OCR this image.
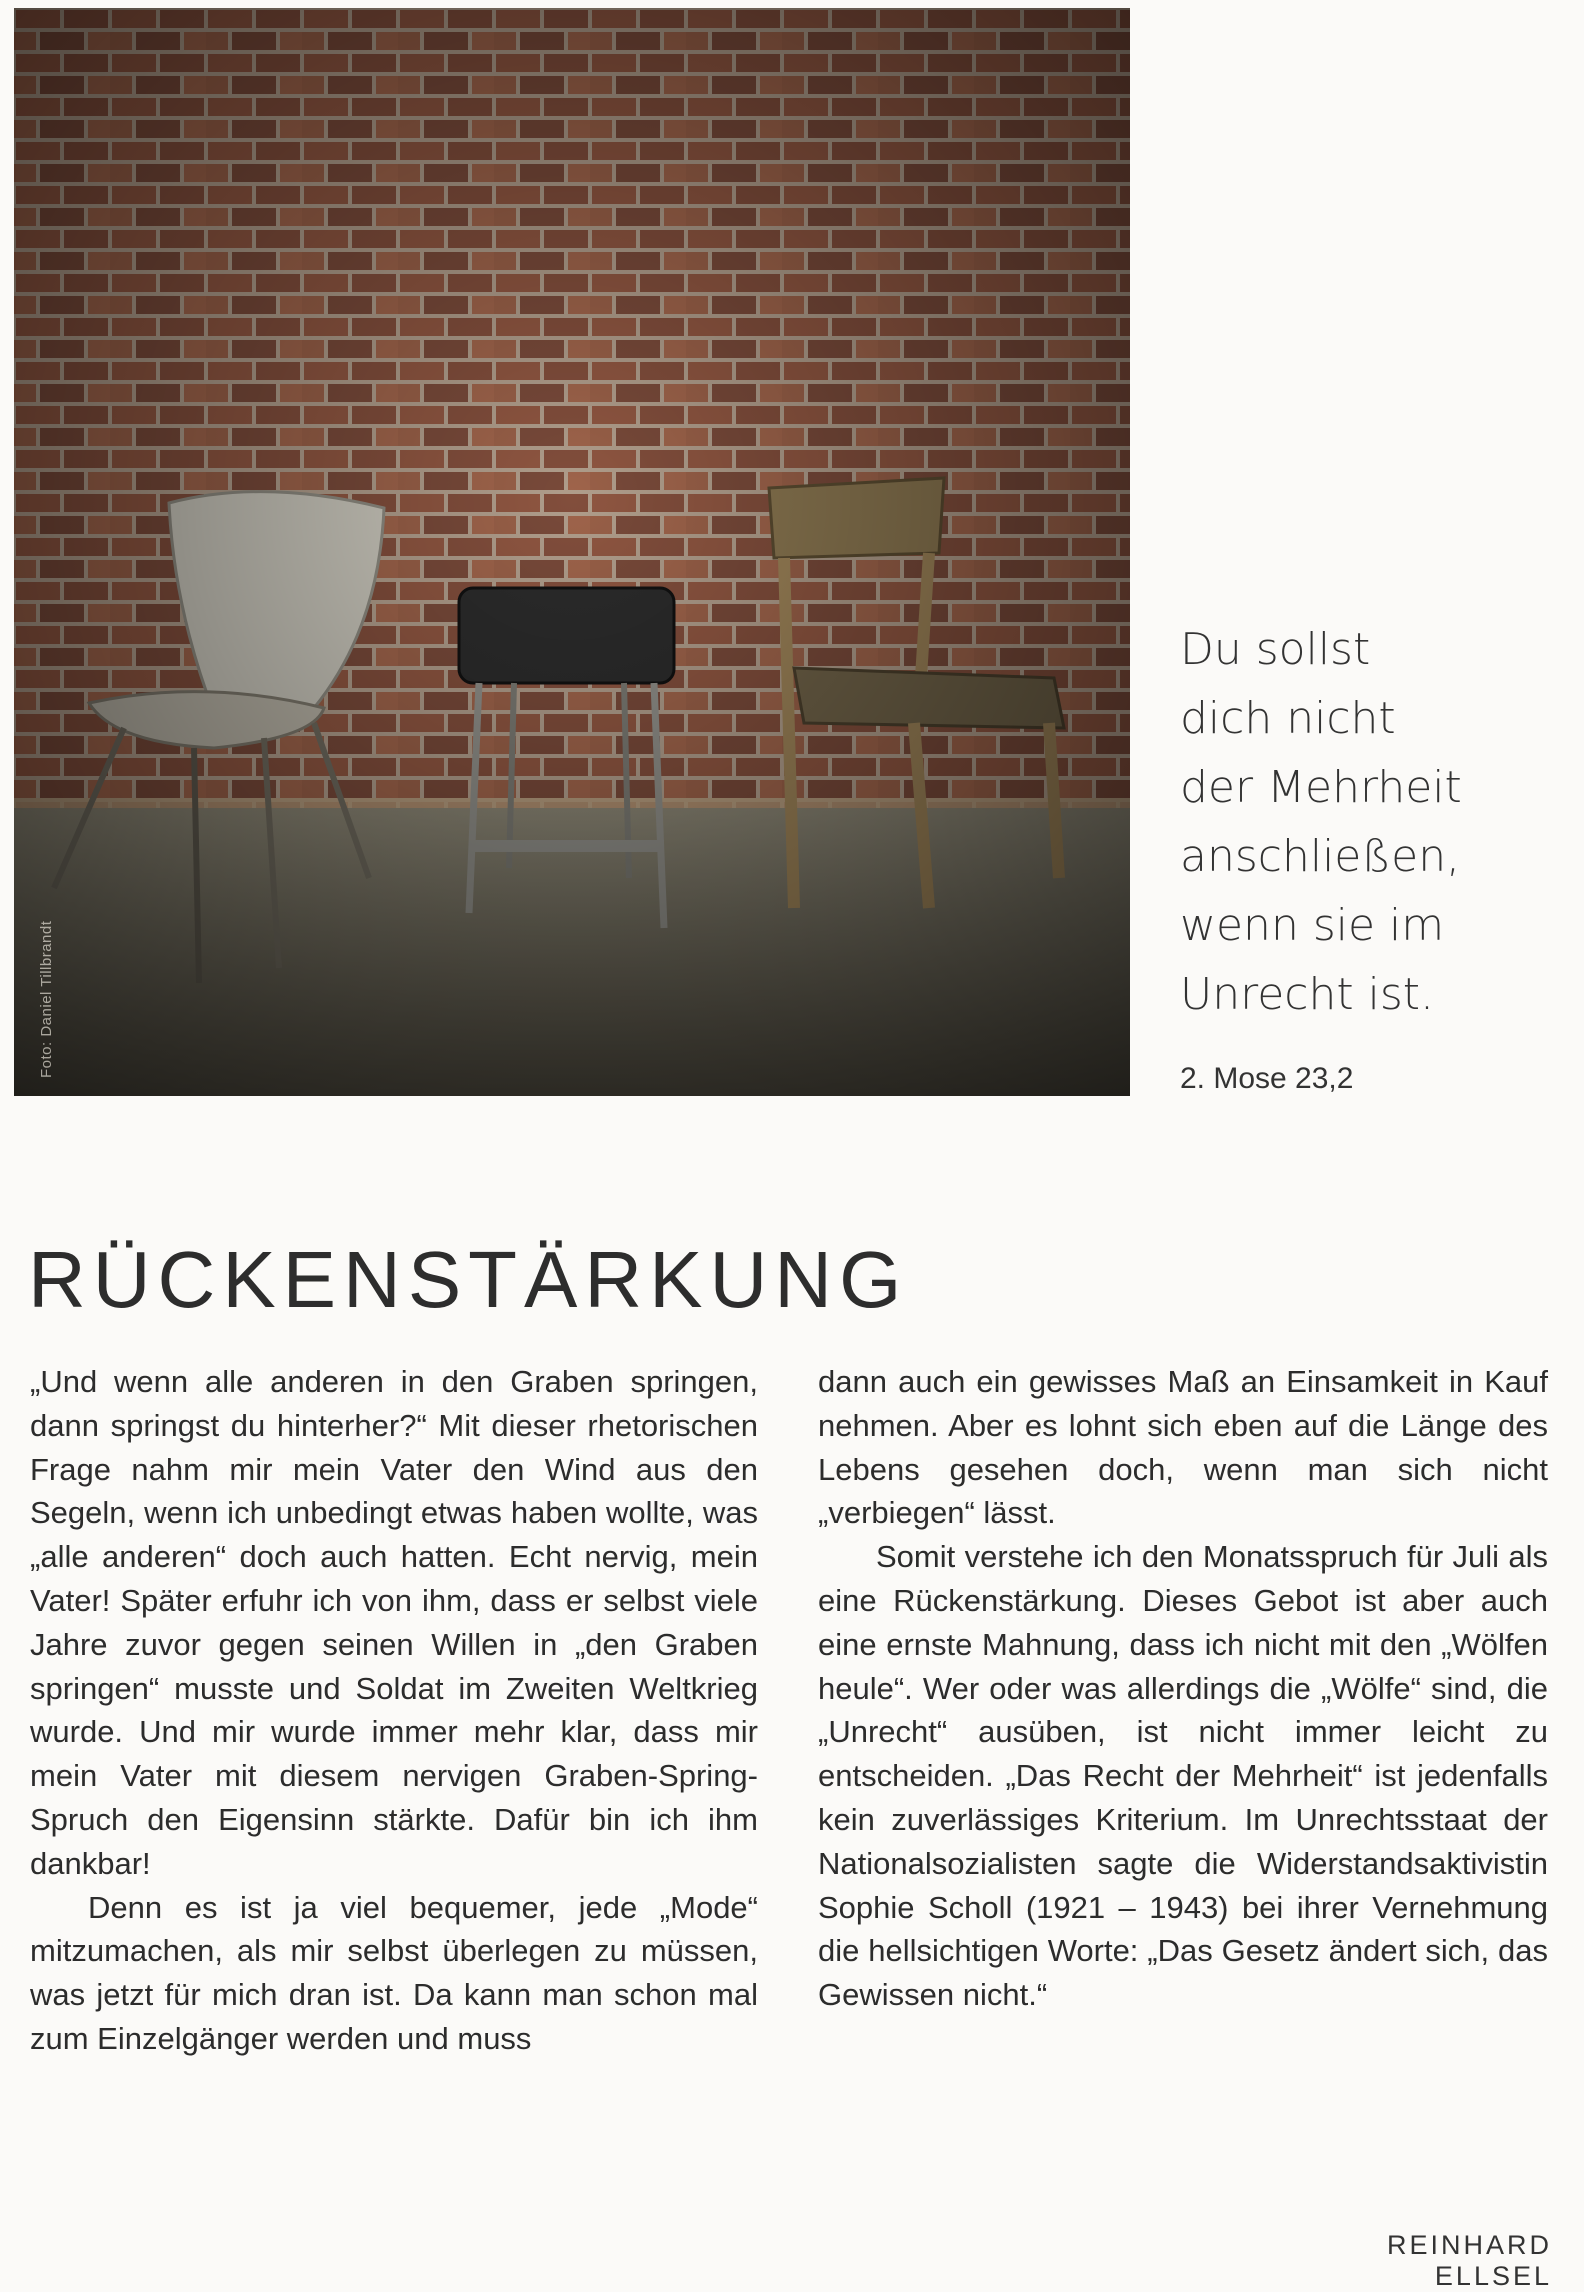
Foto: Daniel Tillbrandt
Du sollst
dich nicht
der Mehrheit
anschließen,
wenn sie im
Unrecht ist.
2. Mose 23,2
RÜCKENSTÄRKUNG

„Und wenn alle anderen in den Graben springen, dann springst du hinterher?“ Mit dieser rhetorischen Frage nahm mir mein Vater den Wind aus den Segeln, wenn ich unbedingt etwas haben wollte, was „alle anderen“ doch auch hatten. Echt nervig, mein Vater! Später erfuhr ich von ihm, dass er selbst viele Jahre zuvor gegen seinen Willen in „den Graben springen“ musste und Soldat im Zweiten Weltkrieg wurde. Und mir wurde immer mehr klar, dass mir mein Vater mit diesem nervigen Graben-Spring-Spruch den Eigensinn stärkte. Dafür bin ich ihm dankbar!

Denn es ist ja viel bequemer, jede „Mode“ mitzumachen, als mir selbst überlegen zu müssen, was jetzt für mich dran ist. Da kann man schon mal zum Einzelgänger werden und muss

dann auch ein gewisses Maß an Einsamkeit in Kauf nehmen. Aber es lohnt sich eben auf die Länge des Lebens gesehen doch, wenn man sich nicht „verbiegen“ lässt.

Somit verstehe ich den Monatsspruch für Juli als eine Rückenstärkung. Dieses Gebot ist aber auch eine ernste Mahnung, dass ich nicht mit den „Wölfen heule“. Wer oder was allerdings die „Wölfe“ sind, die „Unrecht“ ausüben, ist nicht immer leicht zu entscheiden. „Das Recht der Mehrheit“ ist jedenfalls kein zuverlässiges Kriterium. Im Unrechtsstaat der Nationalsozialisten sagte die Widerstandsaktivistin Sophie Scholl (1921 – 1943) bei ihrer Vernehmung die hellsichtigen Worte: „Das Gesetz ändert sich, das Gewissen nicht.“

REINHARD ELLSEL
